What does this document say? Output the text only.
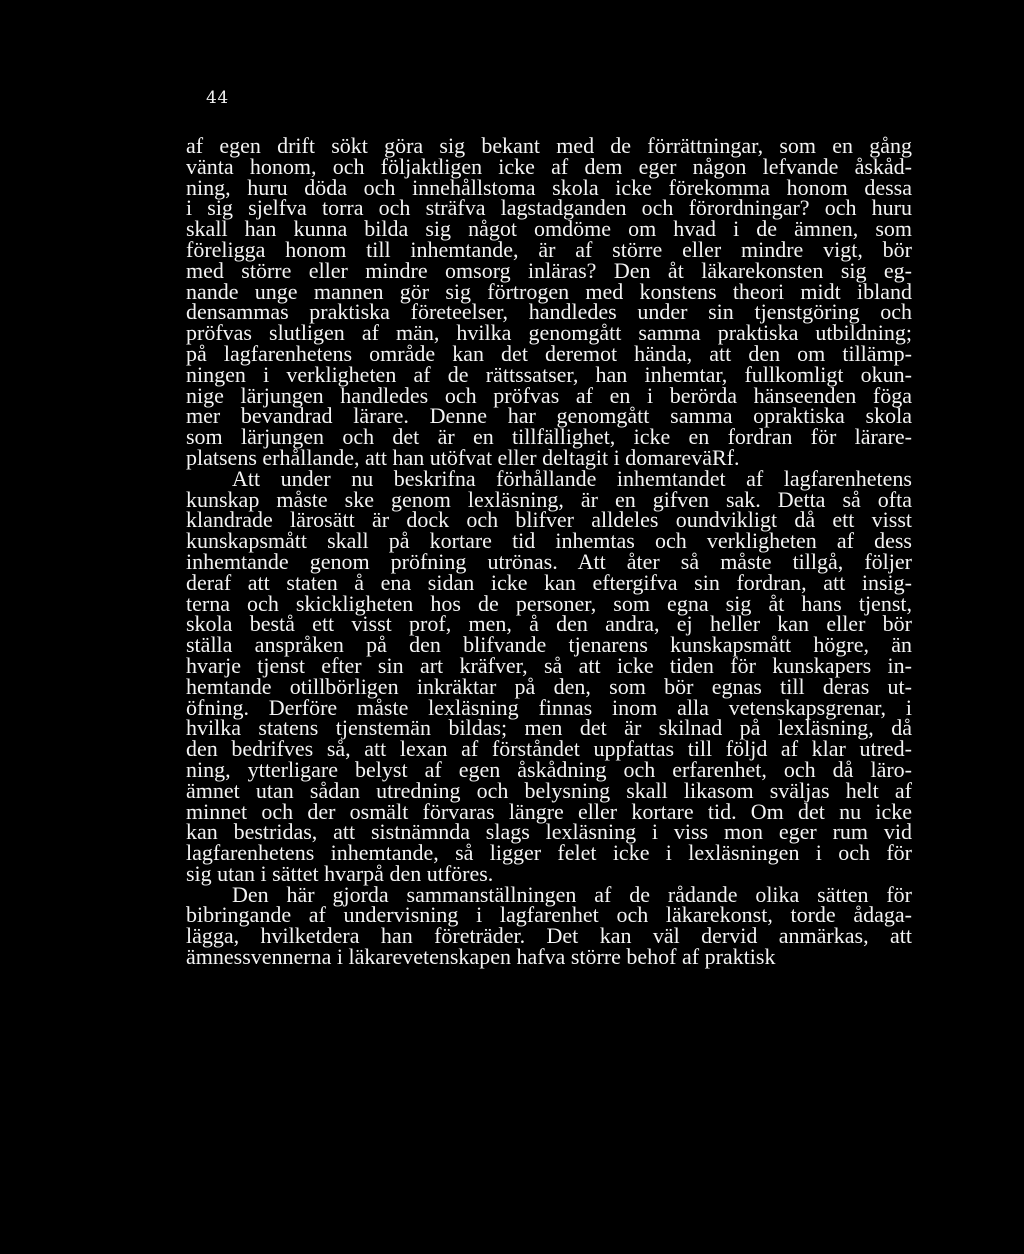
44
af egen drift sökt göra sig bekant med de förrättningar, som en gång
vänta honom, och följaktligen icke af dem eger någon lefvande åskåd-
ning, huru döda och innehållstoma skola icke förekomma honom dessa
i sig sjelfva torra och sträfva lagstadganden och förordningar? och huru
skall han kunna bilda sig något omdöme om hvad i de ämnen, som
föreligga honom till inhemtande, är af större eller mindre vigt, bör
med större eller mindre omsorg inläras? Den åt läkarekonsten sig eg-
nande unge mannen gör sig förtrogen med konstens theori midt ibland
densammas praktiska företeelser, handledes under sin tjenstgöring och
pröfvas slutligen af män, hvilka genomgått samma praktiska utbildning;
på lagfarenhetens område kan det deremot hända, att den om tillämp-
ningen i verkligheten af de rättssatser, han inhemtar, fullkomligt okun-
nige lärjungen handledes och pröfvas af en i berörda hänseenden föga
mer bevandrad lärare. Denne har genomgått samma opraktiska skola
som lärjungen och det är en tillfällighet, icke en fordran för lärare-
platsens erhållande, att han utöfvat eller deltagit i domareväRf.
Att under nu beskrifna förhållande inhemtandet af lagfarenhetens
kunskap måste ske genom lexläsning, är en gifven sak. Detta så ofta
klandrade lärosätt är dock och blifver alldeles oundvikligt då ett visst
kunskapsmått skall på kortare tid inhemtas och verkligheten af dess
inhemtande genom pröfning utrönas. Att åter så måste tillgå, följer
deraf att staten å ena sidan icke kan eftergifva sin fordran, att insig-
terna och skickligheten hos de personer, som egna sig åt hans tjenst,
skola bestå ett visst prof, men, å den andra, ej heller kan eller bör
ställa anspråken på den blifvande tjenarens kunskapsmått högre, än
hvarje tjenst efter sin art kräfver, så att icke tiden för kunskapers in-
hemtande otillbörligen inkräktar på den, som bör egnas till deras ut-
öfning. Derföre måste lexläsning finnas inom alla vetenskapsgrenar, i
hvilka statens tjenstemän bildas; men det är skilnad på lexläsning, då
den bedrifves så, att lexan af förståndet uppfattas till följd af klar utred-
ning, ytterligare belyst af egen åskådning och erfarenhet, och då läro-
ämnet utan sådan utredning och belysning skall likasom sväljas helt af
minnet och der osmält förvaras längre eller kortare tid. Om det nu icke
kan bestridas, att sistnämnda slags lexläsning i viss mon eger rum vid
lagfarenhetens inhemtande, så ligger felet icke i lexläsningen i och för
sig utan i sättet hvarpå den utföres.
Den här gjorda sammanställningen af de rådande olika sätten för
bibringande af undervisning i lagfarenhet och läkarekonst, torde ådaga-
lägga, hvilketdera han företräder. Det kan väl dervid anmärkas, att
ämnessvennerna i läkarevetenskapen hafva större behof af praktisk
